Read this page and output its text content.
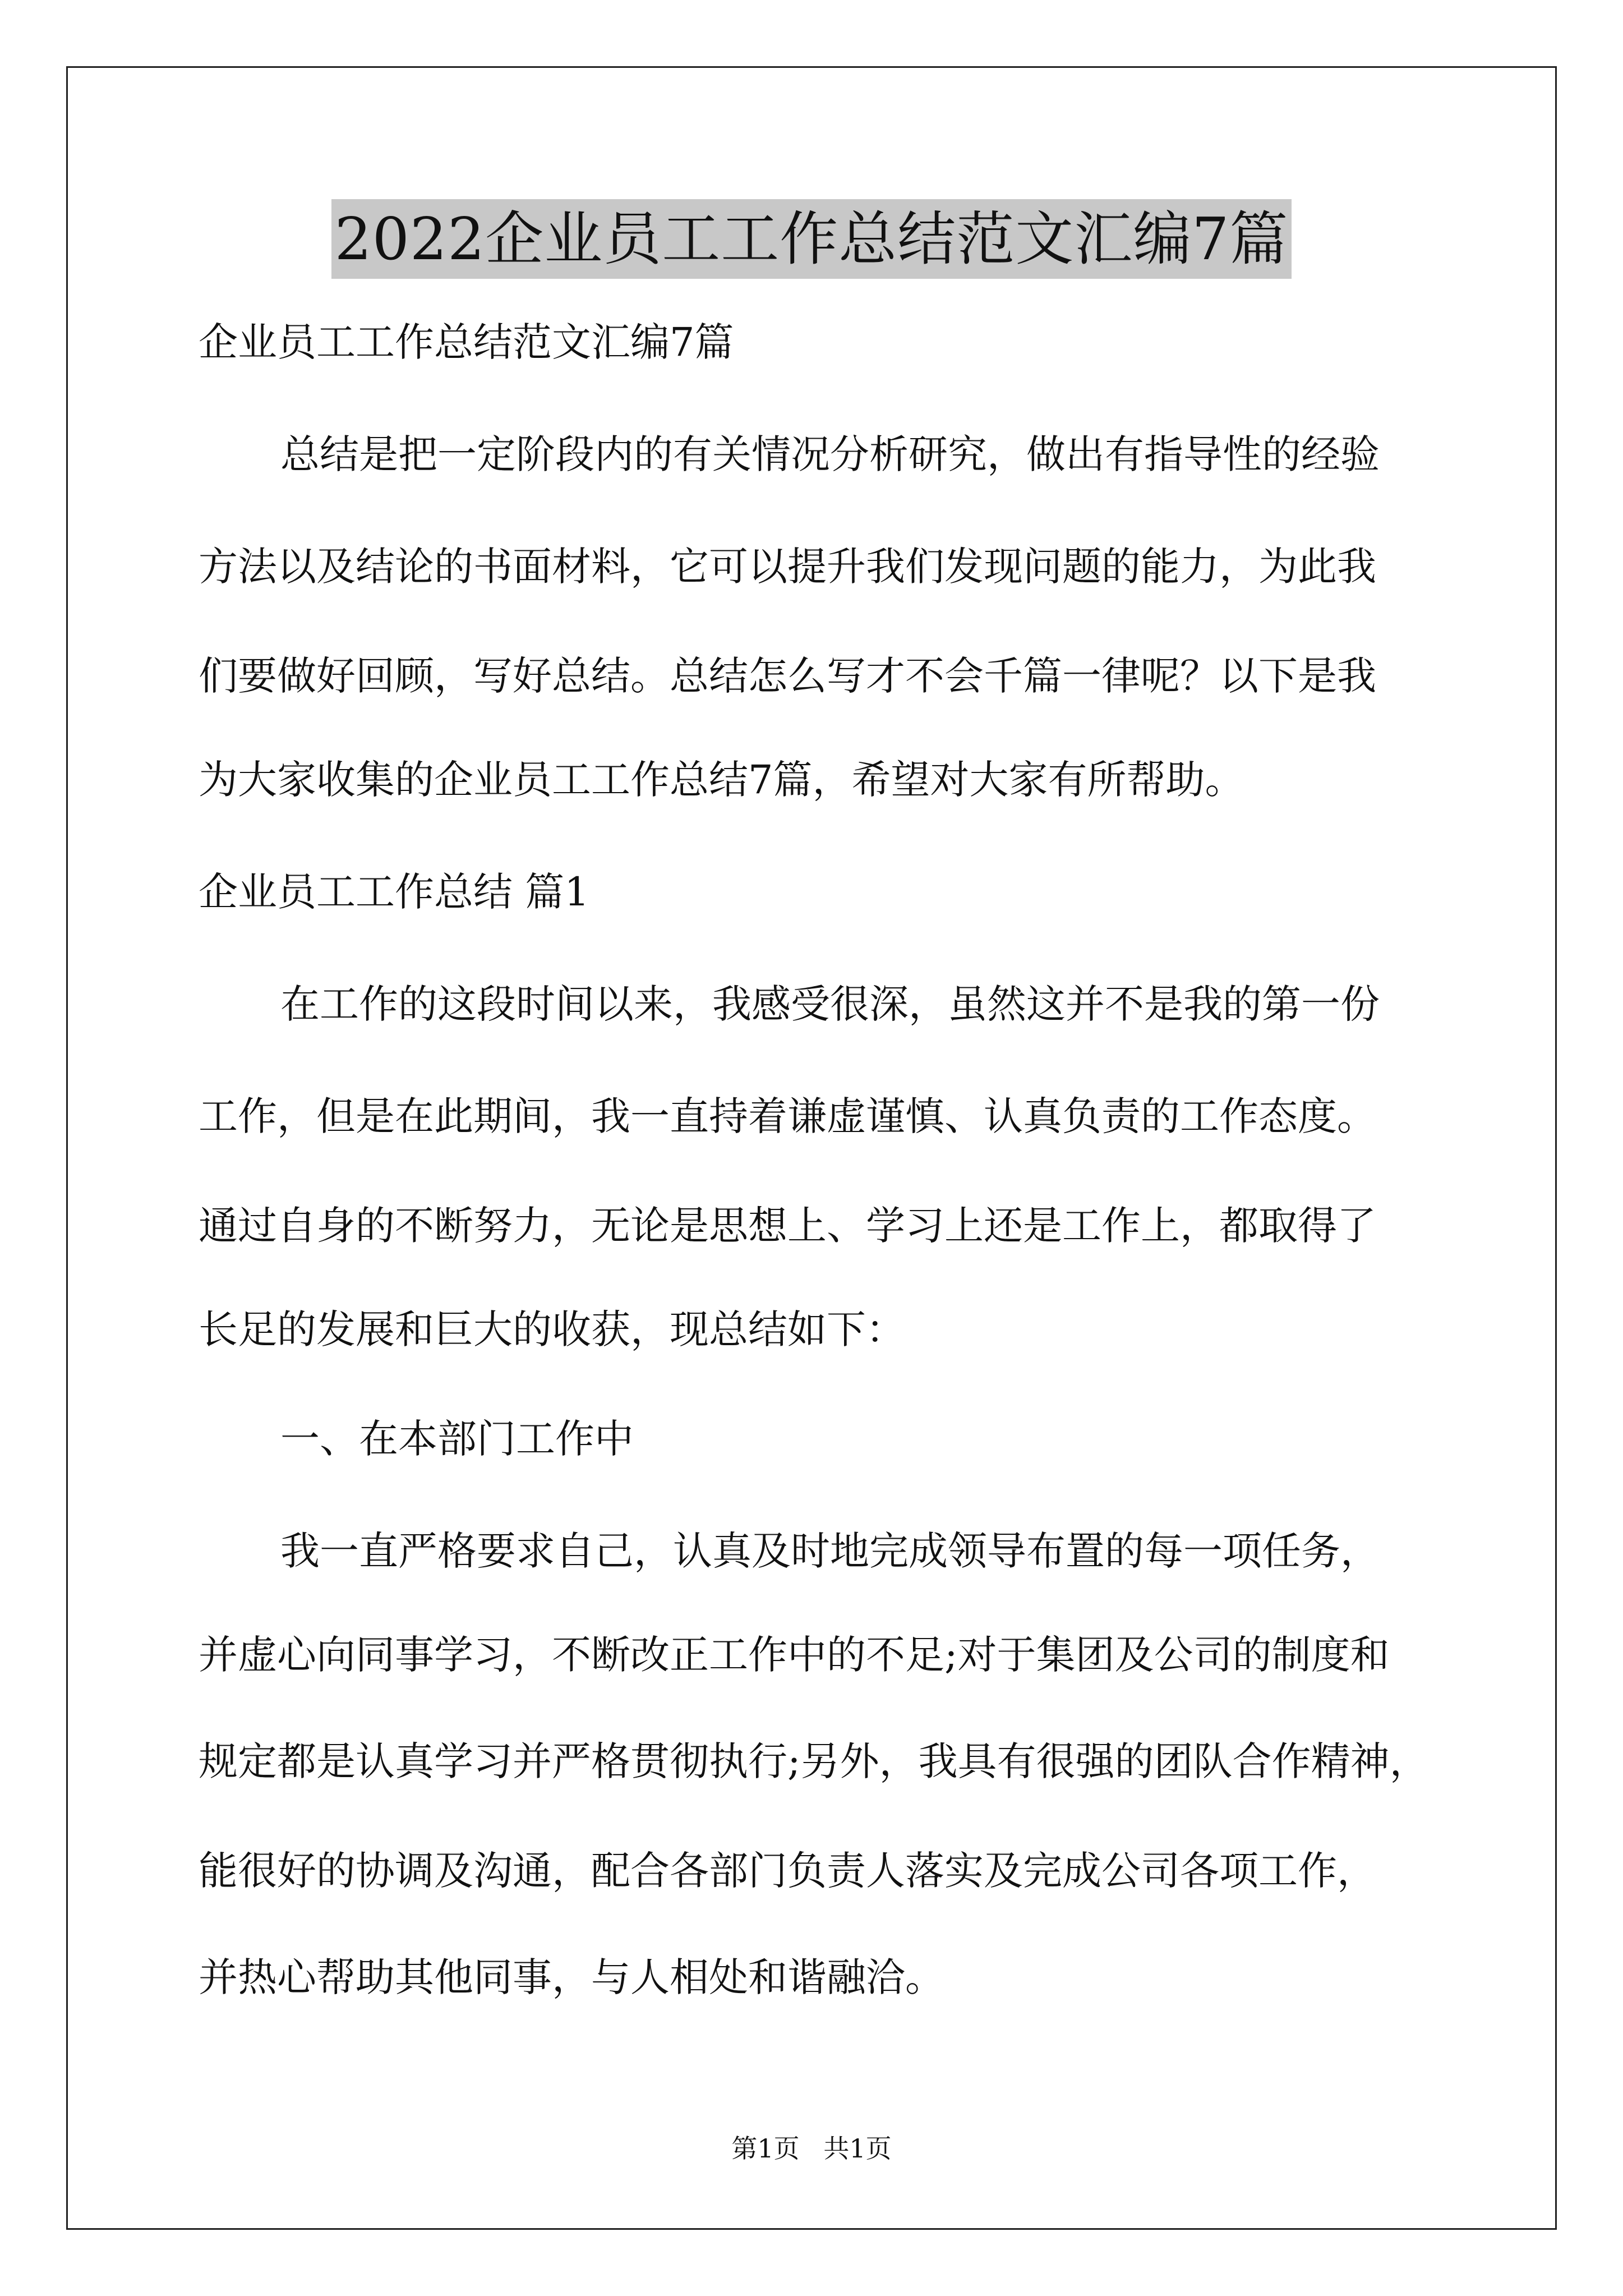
2022企业员工工作总结范文汇编7篇

企业员工工作总结范文汇编7篇

总结是把一定阶段内的有关情况分析研究，做出有指导性的经验

方法以及结论的书面材料，它可以提升我们发现问题的能力，为此我

们要做好回顾，写好总结。总结怎么写才不会千篇一律呢？以下是我

为大家收集的企业员工工作总结7篇，希望对大家有所帮助。

企业员工工作总结 篇1

在工作的这段时间以来，我感受很深，虽然这并不是我的第一份

工作，但是在此期间，我一直持着谦虚谨慎、认真负责的工作态度。

通过自身的不断努力，无论是思想上、学习上还是工作上，都取得了

长足的发展和巨大的收获，现总结如下：

一、在本部门工作中

我一直严格要求自己，认真及时地完成领导布置的每一项任务，

并虚心向同事学习，不断改正工作中的不足;对于集团及公司的制度和

规定都是认真学习并严格贯彻执行;另外，我具有很强的团队合作精神，

能很好的协调及沟通，配合各部门负责人落实及完成公司各项工作，

并热心帮助其他同事，与人相处和谐融洽。

第1页 共1页
